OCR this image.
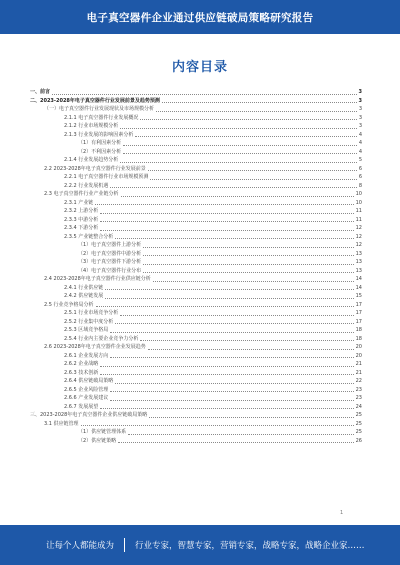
电子真空器件企业通过供应链破局策略研究报告
内容目录
一、前言	3
二、2023-2028年电子真空器件行业发展前景及趋势预测	3
（一）电子真空器件行业发展现状及市场规模分析	3
2.1.1 电子真空器件行业发展概况	3
2.1.2 行业市场规模分析	3
2.1.3 行业发展的影响因素分析	4
（1）有利因素分析	4
（2）不利因素分析	4
2.1.4 行业发展趋势分析	5
2.2 2023-2028年电子真空器件行业发展前景	6
2.2.1 电子真空器件行业市场规模预测	6
2.2.2 行业发展机遇	8
2.3 电子真空器件行业产业链分析	10
2.3.1 产业链	10
2.3.2 上游分析	11
2.3.3 中游分析	11
2.3.4 下游分析	12
2.3.5 产业链整合分析	12
（1）电子真空器件上游分析	12
（2）电子真空器件中游分析	13
（3）电子真空器件下游分析	13
（4）电子真空器件行业分布	13
2.4 2023-2028年电子真空器件行业供应链分析	14
2.4.1 行业供应链	14
2.4.2 供应链发展	15
2.5 行业竞争格局分析	17
2.5.1 行业市场竞争分析	17
2.5.2 行业集中度分析	17
2.5.3 区域竞争格局	18
2.5.4 行业内主要企业竞争力分析	18
2.6 2023-2028年电子真空器件企业发展趋势	20
2.6.1 企业发展方向	20
2.6.2 企业战略	21
2.6.3 技术创新	21
2.6.4 供应链破局策略	22
2.6.5 企业风险管理	23
2.6.6 产业发展建议	23
2.6.7 发展展望	24
三、2023-2028年电子真空器件企业供应链破局策略	25
3.1 供应链管理	25
（1）供应链管理体系	25
（2）供应链策略	26
1
让每个人都能成为 行业专家，智慧专家，营销专家，战略专家，战略企业家……
